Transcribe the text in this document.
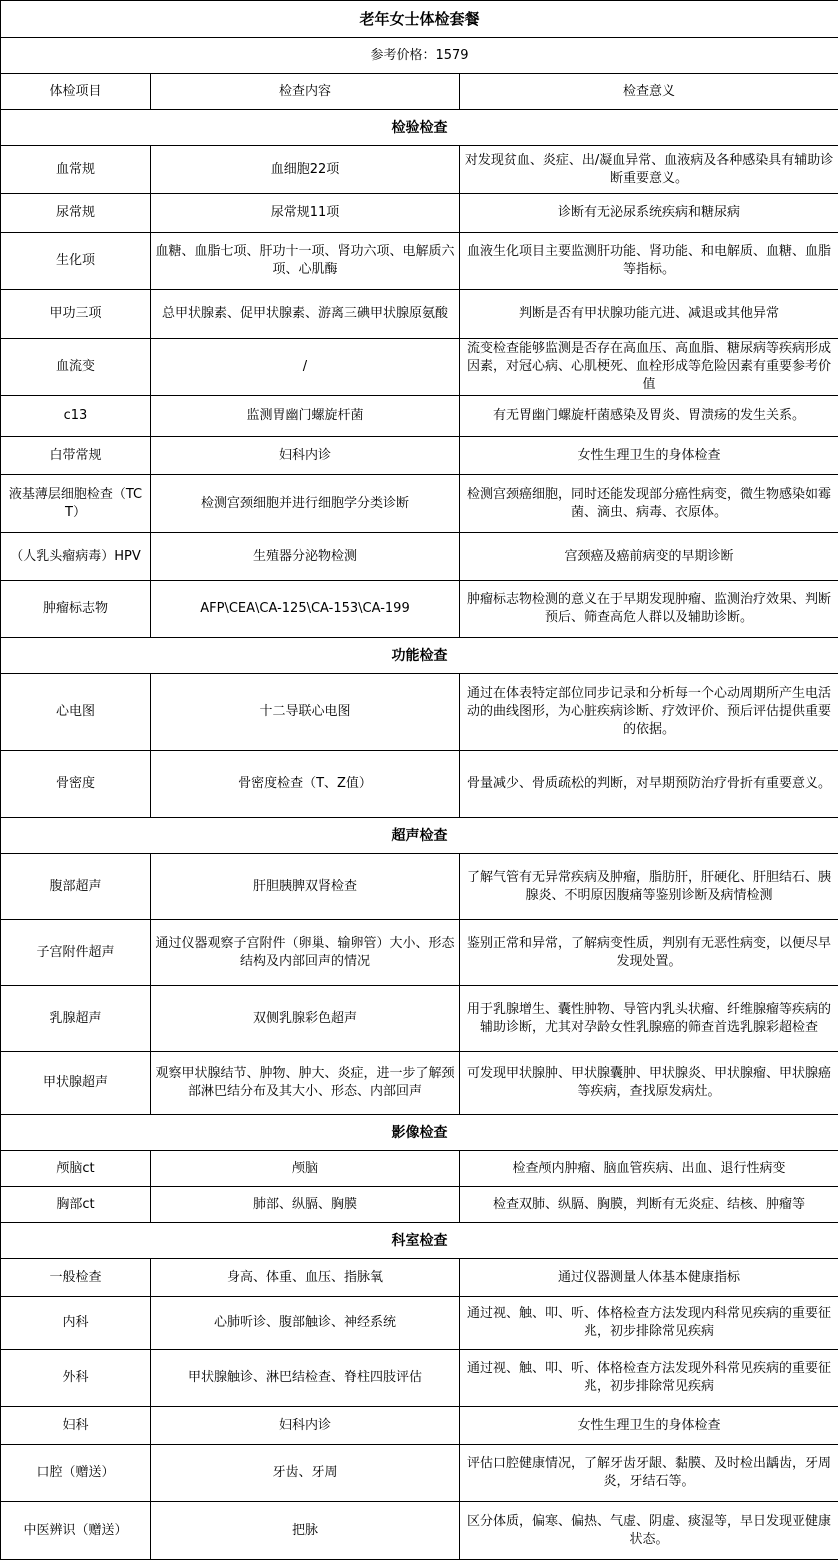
老年女士体检套餐		
参考价格：1579		
体检项目	检查内容	检查意义
检验检查		
血常规	血细胞22项	对发现贫血、炎症、出/凝血异常、血液病及各种感染具有辅助诊断重要意义。
尿常规	尿常规11项	诊断有无泌尿系统疾病和糖尿病
生化项	血糖、血脂七项、肝功十一项、肾功六项、电解质六项、心肌酶	血液生化项目主要监测肝功能、肾功能、和电解质、血糖、血脂等指标。
甲功三项	总甲状腺素、促甲状腺素、游离三碘甲状腺原氨酸	判断是否有甲状腺功能亢进、减退或其他异常
血流变	/	流变检查能够监测是否存在高血压、高血脂、糖尿病等疾病形成因素，对冠心病、心肌梗死、血栓形成等危险因素有重要参考价值
c13	监测胃幽门螺旋杆菌	有无胃幽门螺旋杆菌感染及胃炎、胃溃疡的发生关系。
白带常规	妇科内诊	女性生理卫生的身体检查
液基薄层细胞检查（TCT）	检测宫颈细胞并进行细胞学分类诊断	检测宫颈癌细胞，同时还能发现部分癌性病变，微生物感染如霉菌、滴虫、病毒、衣原体。
（人乳头瘤病毒）HPV	生殖器分泌物检测	宫颈癌及癌前病变的早期诊断
肿瘤标志物	AFP\CEA\CA-125\CA-153\CA-199	肿瘤标志物检测的意义在于早期发现肿瘤、监测治疗效果、判断预后、筛查高危人群以及辅助诊断。
功能检查		
心电图	十二导联心电图	通过在体表特定部位同步记录和分析每一个心动周期所产生电活动的曲线图形，为心脏疾病诊断、疗效评价、预后评估提供重要的依据。
骨密度	骨密度检查（T、Z值）	骨量减少、骨质疏松的判断，对早期预防治疗骨折有重要意义。
超声检查		
腹部超声	肝胆胰脾双肾检查	了解气管有无异常疾病及肿瘤，脂肪肝，肝硬化、肝胆结石、胰腺炎、不明原因腹痛等鉴别诊断及病情检测
子宫附件超声	通过仪器观察子宫附件（卵巢、输卵管）大小、形态结构及内部回声的情况	鉴别正常和异常，了解病变性质，判别有无恶性病变，以便尽早发现处置。
乳腺超声	双侧乳腺彩色超声	用于乳腺增生、囊性肿物、导管内乳头状瘤、纤维腺瘤等疾病的辅助诊断，尤其对孕龄女性乳腺癌的筛查首选乳腺彩超检查
甲状腺超声	观察甲状腺结节、肿物、肿大、炎症，进一步了解颈部淋巴结分布及其大小、形态、内部回声	可发现甲状腺肿、甲状腺囊肿、甲状腺炎、甲状腺瘤、甲状腺癌等疾病，查找原发病灶。
影像检查		
颅脑ct	颅脑	检查颅内肿瘤、脑血管疾病、出血、退行性病变
胸部ct	肺部、纵膈、胸膜	检查双肺、纵膈、胸膜，判断有无炎症、结核、肿瘤等
科室检查		
一般检查	身高、体重、血压、指脉氧	通过仪器测量人体基本健康指标
内科	心肺听诊、腹部触诊、神经系统	通过视、触、叩、听、体格检查方法发现内科常见疾病的重要征兆，初步排除常见疾病
外科	甲状腺触诊、淋巴结检查、脊柱四肢评估	通过视、触、叩、听、体格检查方法发现外科常见疾病的重要征兆，初步排除常见疾病
妇科	妇科内诊	女性生理卫生的身体检查
口腔（赠送）	牙齿、牙周	评估口腔健康情况，了解牙齿牙龈、黏膜、及时检出龋齿，牙周炎，牙结石等。
中医辨识（赠送）	把脉	区分体质，偏寒、偏热、气虚、阴虚、痰湿等，早日发现亚健康状态。
